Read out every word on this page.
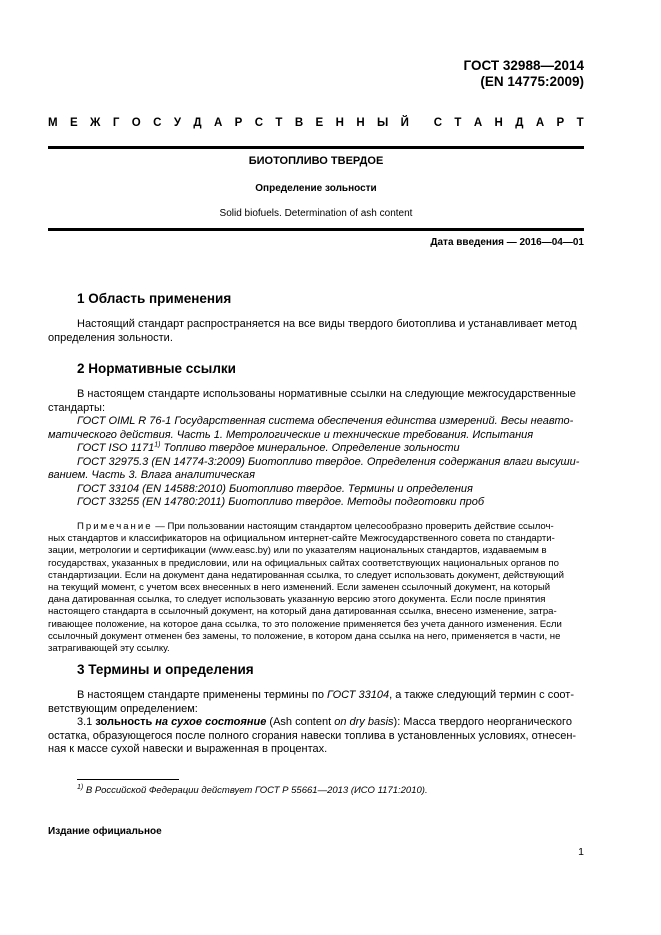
ГОСТ 32988—2014
(EN 14775:2009)
М Е Ж Г О С У Д А Р С Т В Е Н Н Ы Й С Т А Н Д А Р Т
БИОТОПЛИВО ТВЕРДОЕ
Определение зольности
Solid biofuels. Determination of ash content
Дата введения — 2016—04—01
1 Область применения
Настоящий стандарт распространяется на все виды твердого биотоплива и устанавливает метод
определения зольности.
2 Нормативные ссылки
В настоящем стандарте использованы нормативные ссылки на следующие межгосударственные
стандарты:
ГОСТ OIML R 76-1 Государственная система обеспечения единства измерений. Весы неавто-
матического действия. Часть 1. Метрологические и технические требования. Испытания
ГОСТ ISO 1171$^{1)}$ Топливо твердое минеральное. Определение зольности
ГОСТ 32975.3 (EN 14774-3:2009) Биотопливо твердое. Определения содержания влаги высуши-
ванием. Часть 3. Влага аналитическая
ГОСТ 33104 (EN 14588:2010) Биотопливо твердое. Термины и определения
ГОСТ 33255 (EN 14780:2011) Биотопливо твердое. Методы подготовки проб
Примечание — При пользовании настоящим стандартом целесообразно проверить действие ссылоч-
ных стандартов и классификаторов на официальном интернет-сайте Межгосударственного совета по стандарти-
зации, метрологии и сертификации (www.easc.by) или по указателям национальных стандартов, издаваемым в
государствах, указанных в предисловии, или на официальных сайтах соответствующих национальных органов по
стандартизации. Если на документ дана недатированная ссылка, то следует использовать документ, действующий
на текущий момент, с учетом всех внесенных в него изменений. Если заменен ссылочный документ, на который
дана датированная ссылка, то следует использовать указанную версию этого документа. Если после принятия
настоящего стандарта в ссылочный документ, на который дана датированная ссылка, внесено изменение, затра-
гивающее положение, на которое дана ссылка, то это положение применяется без учета данного изменения. Если
ссылочный документ отменен без замены, то положение, в котором дана ссылка на него, применяется в части, не
затрагивающей эту ссылку.
3 Термины и определения
В настоящем стандарте применены термины по ГОСТ 33104, а также следующий термин с соот-
ветствующим определением:
3.1 зольность на сухое состояние (Ash content on dry basis): Масса твердого неорганического
остатка, образующегося после полного сгорания навески топлива в установленных условиях, отнесен-
ная к массе сухой навески и выраженная в процентах.
$^{1)}$ В Российской Федерации действует ГОСТ Р 55661—2013 (ИСО 1171:2010).
Издание официальное
1
